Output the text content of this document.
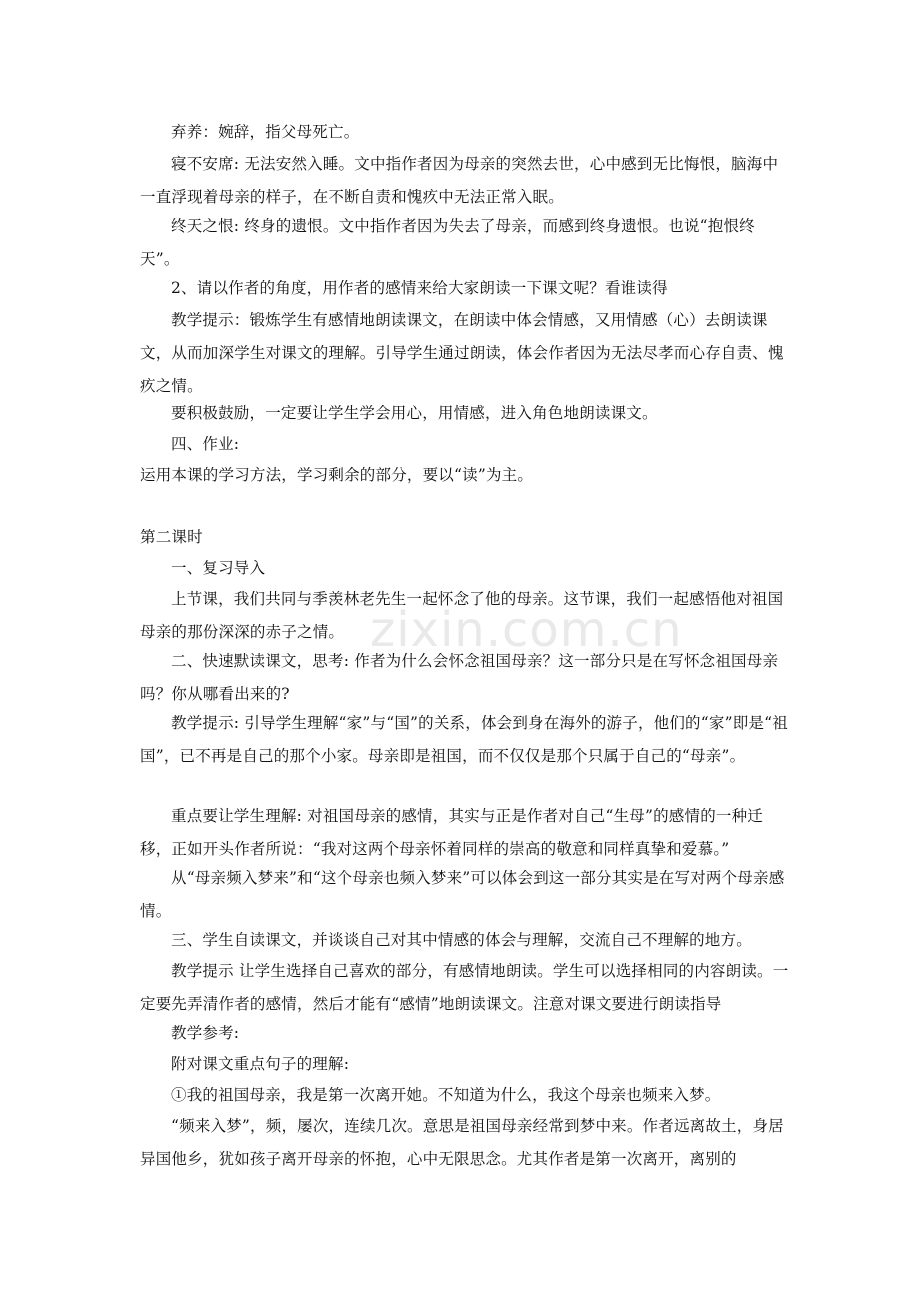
zixin.com.cn

弃养：婉辞，指父母死亡。

寝不安席: 无法安然入睡。文中指作者因为母亲的突然去世，心中感到无比悔恨，脑海中一直浮现着母亲的样子，在不断自责和愧疚中无法正常入眠。

终天之恨: 终身的遗恨。文中指作者因为失去了母亲，而感到终身遗恨。也说“抱恨终天”。

2、请以作者的角度，用作者的感情来给大家朗读一下课文呢？看谁读得

教学提示：锻炼学生有感情地朗读课文，在朗读中体会情感，又用情感（心）去朗读课文，从而加深学生对课文的理解。引导学生通过朗读，体会作者因为无法尽孝而心存自责、愧疚之情。

要积极鼓励，一定要让学生学会用心，用情感，进入角色地朗读课文。

四、作业:

运用本课的学习方法，学习剩余的部分，要以“读”为主。

第二课时

一、复习导入

上节课，我们共同与季羡林老先生一起怀念了他的母亲。这节课，我们一起感悟他对祖国母亲的那份深深的赤子之情。

二、快速默读课文，思考: 作者为什么会怀念祖国母亲？这一部分只是在写怀念祖国母亲吗？你从哪看出来的?

教学提示: 引导学生理解“家”与“国”的关系，体会到身在海外的游子，他们的“家”即是“祖国”，已不再是自己的那个小家。母亲即是祖国，而不仅仅是那个只属于自己的“母亲”。

重点要让学生理解: 对祖国母亲的感情，其实与正是作者对自己“生母”的感情的一种迁移，正如开头作者所说：“我对这两个母亲怀着同样的崇高的敬意和同样真挚和爱慕。”

从“母亲频入梦来”和“这个母亲也频入梦来”可以体会到这一部分其实是在写对两个母亲感情。

三、学生自读课文，并谈谈自己对其中情感的体会与理解，交流自己不理解的地方。

教学提示 让学生选择自己喜欢的部分，有感情地朗读。学生可以选择相同的内容朗读。一定要先弄清作者的感情，然后才能有“感情”地朗读课文。注意对课文要进行朗读指导

教学参考:

附对课文重点句子的理解:

①我的祖国母亲，我是第一次离开她。不知道为什么，我这个母亲也频来入梦。

“频来入梦”，频，屡次，连续几次。意思是祖国母亲经常到梦中来。作者远离故土，身居异国他乡，犹如孩子离开母亲的怀抱，心中无限思念。尤其作者是第一次离开，离别的
